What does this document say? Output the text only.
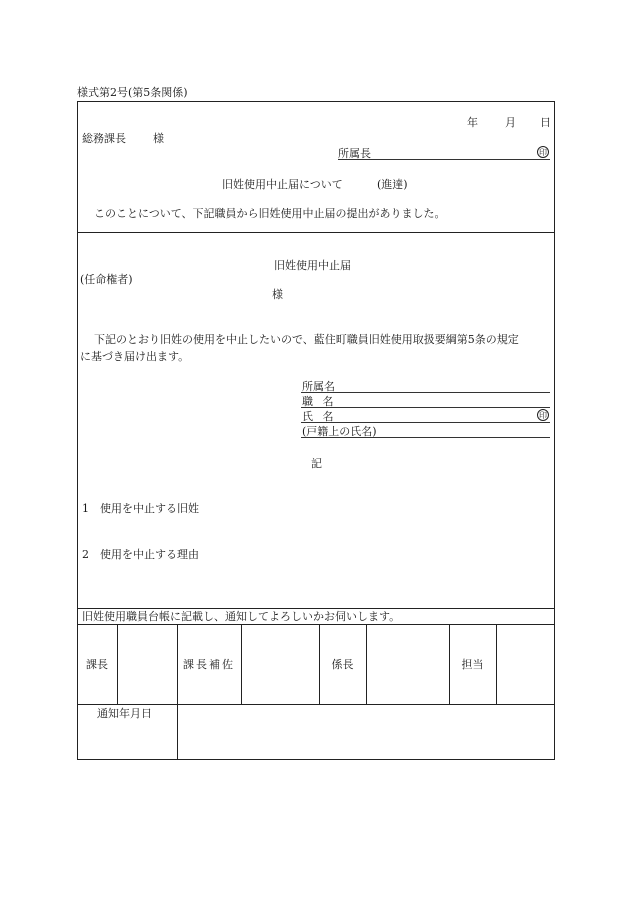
様式第2号(第5条関係)
年 月 日
総務課長 様
所属長	印
旧姓使用中止届について	(進達)
このことについて、下記職員から旧姓使用中止届の提出がありました。
旧姓使用中止届
(任命権者)
様
下記のとおり旧姓の使用を中止したいので、藍住町職員旧姓使用取扱要綱第5条の規定
に基づき届け出ます。
所属名
職 名
氏 名	印
(戸籍上の氏名)
記
1 使用を中止する旧姓
2 使用を中止する理由
旧姓使用職員台帳に記載し、通知してよろしいかお伺いします。
課長	課長補佐	係長	担当
通知年月日
